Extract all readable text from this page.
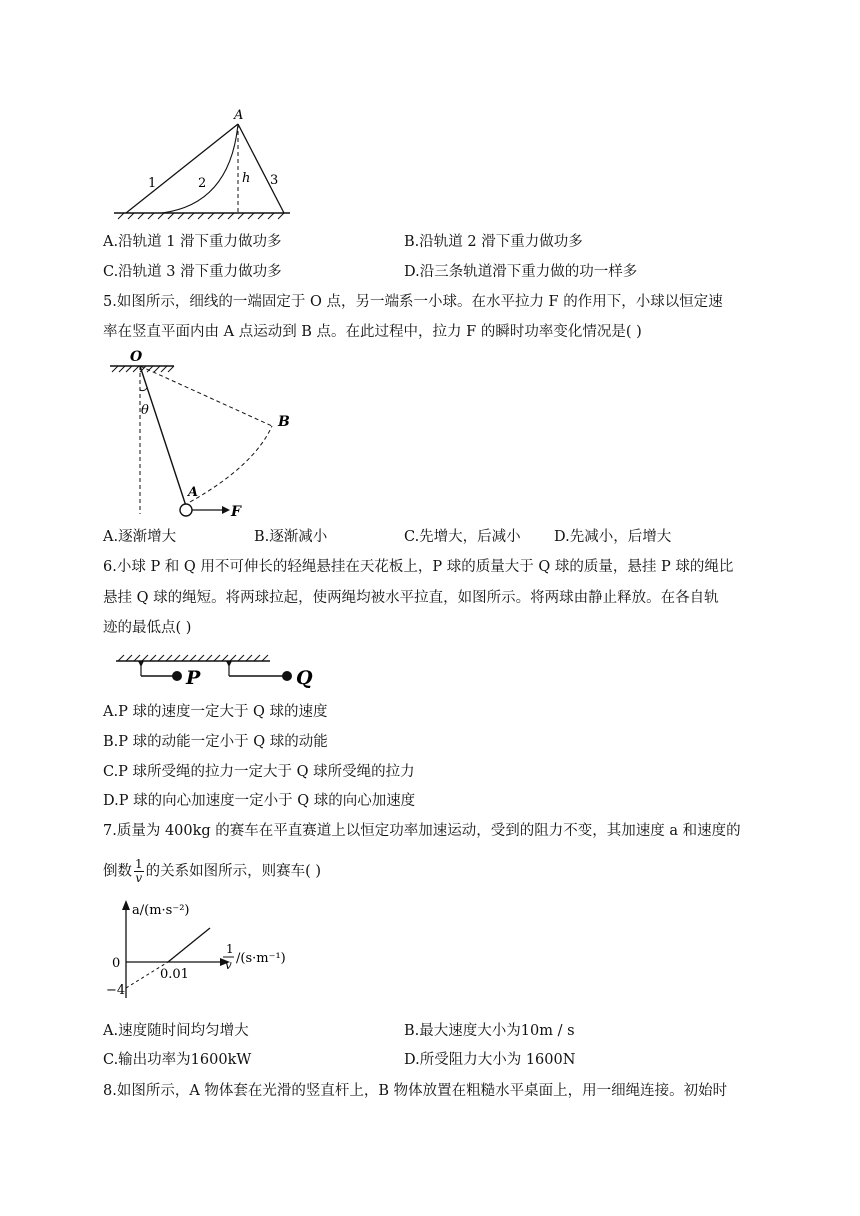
A
h
1	2	3
A.沿轨道 1 滑下重力做功多	B.沿轨道 2 滑下重力做功多
C.沿轨道 3 滑下重力做功多	D.沿三条轨道滑下重力做的功一样多
5.如图所示，细线的一端固定于 O 点，另一端系一小球。在水平拉力 F 的作用下，小球以恒定速
率在竖直平面内由 A 点运动到 B 点。在此过程中，拉力 F 的瞬时功率变化情况是( )
O
θ
B
A
F
A.逐渐增大	B.逐渐减小	C.先增大，后减小 D.先减小，后增大
6.小球 P 和 Q 用不可伸长的轻绳悬挂在天花板上，P 球的质量大于 Q 球的质量，悬挂 P 球的绳比
悬挂 Q 球的绳短。将两球拉起，使两绳均被水平拉直，如图所示。将两球由静止释放。在各自轨
迹的最低点( )
P	Q
A.P 球的速度一定大于 Q 球的速度
B.P 球的动能一定小于 Q 球的动能
C.P 球所受绳的拉力一定大于 Q 球所受绳的拉力
D.P 球的向心加速度一定小于 Q 球的向心加速度
7.质量为 400kg 的赛车在平直赛道上以恒定功率加速运动，受到的阻力不变，其加速度 a 和速度的
倒数 $\frac{1}{v}$ 的关系如图所示，则赛车( )
a/(m·s⁻²)
0
−4
0.01
1
v /(s·m⁻¹)
A.速度随时间均匀增大	B.最大速度大小为10m / s
C.输出功率为1600kW	D.所受阻力大小为 1600N
8.如图所示，A 物体套在光滑的竖直杆上，B 物体放置在粗糙水平桌面上，用一细绳连接。初始时
